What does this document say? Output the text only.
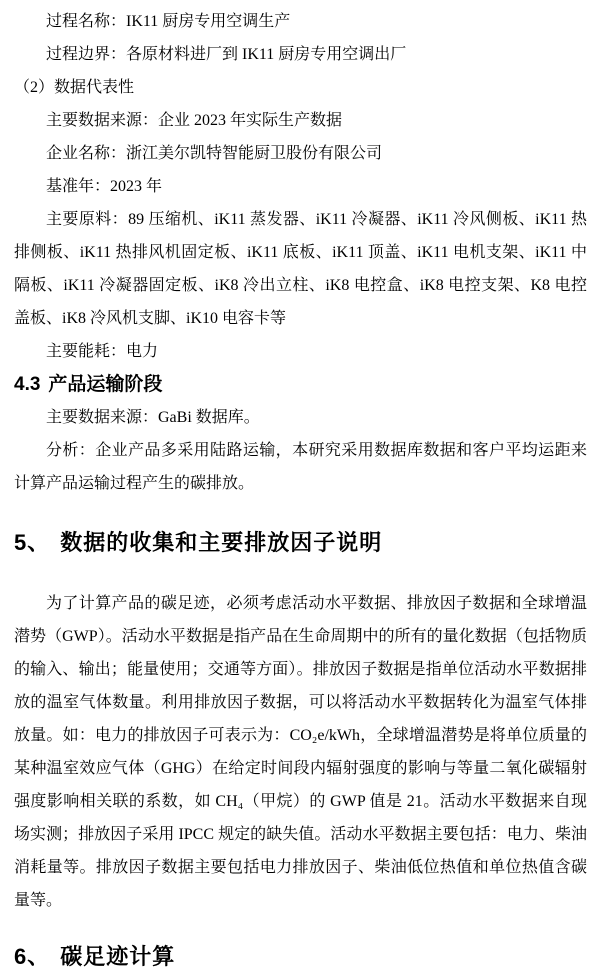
过程名称：IK11 厨房专用空调生产

过程边界：各原材料进厂到 IK11 厨房专用空调出厂

（2）数据代表性

主要数据来源：企业 2023 年实际生产数据

企业名称：浙江美尔凯特智能厨卫股份有限公司

基准年：2023 年

主要原料：89 压缩机、iK11 蒸发器、iK11 冷凝器、iK11 冷风侧板、iK11 热排侧板、iK11 热排风机固定板、iK11 底板、iK11 顶盖、iK11 电机支架、iK11 中隔板、iK11 冷凝器固定板、iK8 冷出立柱、iK8 电控盒、iK8 电控支架、K8 电控盖板、iK8 冷风机支脚、iK10 电容卡等

主要能耗：电力

4.3 产品运输阶段

主要数据来源：GaBi 数据库。

分析：企业产品多采用陆路运输，本研究采用数据库数据和客户平均运距来计算产品运输过程产生的碳排放。

5、 数据的收集和主要排放因子说明

为了计算产品的碳足迹，必须考虑活动水平数据、排放因子数据和全球增温潜势（GWP）。活动水平数据是指产品在生命周期中的所有的量化数据（包括物质的输入、输出；能量使用；交通等方面）。排放因子数据是指单位活动水平数据排放的温室气体数量。利用排放因子数据，可以将活动水平数据转化为温室气体排放量。如：电力的排放因子可表示为：CO₂e/kWh，全球增温潜势是将单位质量的某种温室效应气体（GHG）在给定时间段内辐射强度的影响与等量二氧化碳辐射强度影响相关联的系数，如 CH₄（甲烷）的 GWP 值是 21。活动水平数据来自现场实测；排放因子采用 IPCC 规定的缺失值。活动水平数据主要包括：电力、柴油消耗量等。排放因子数据主要包括电力排放因子、柴油低位热值和单位热值含碳量等。

6、 碳足迹计算
